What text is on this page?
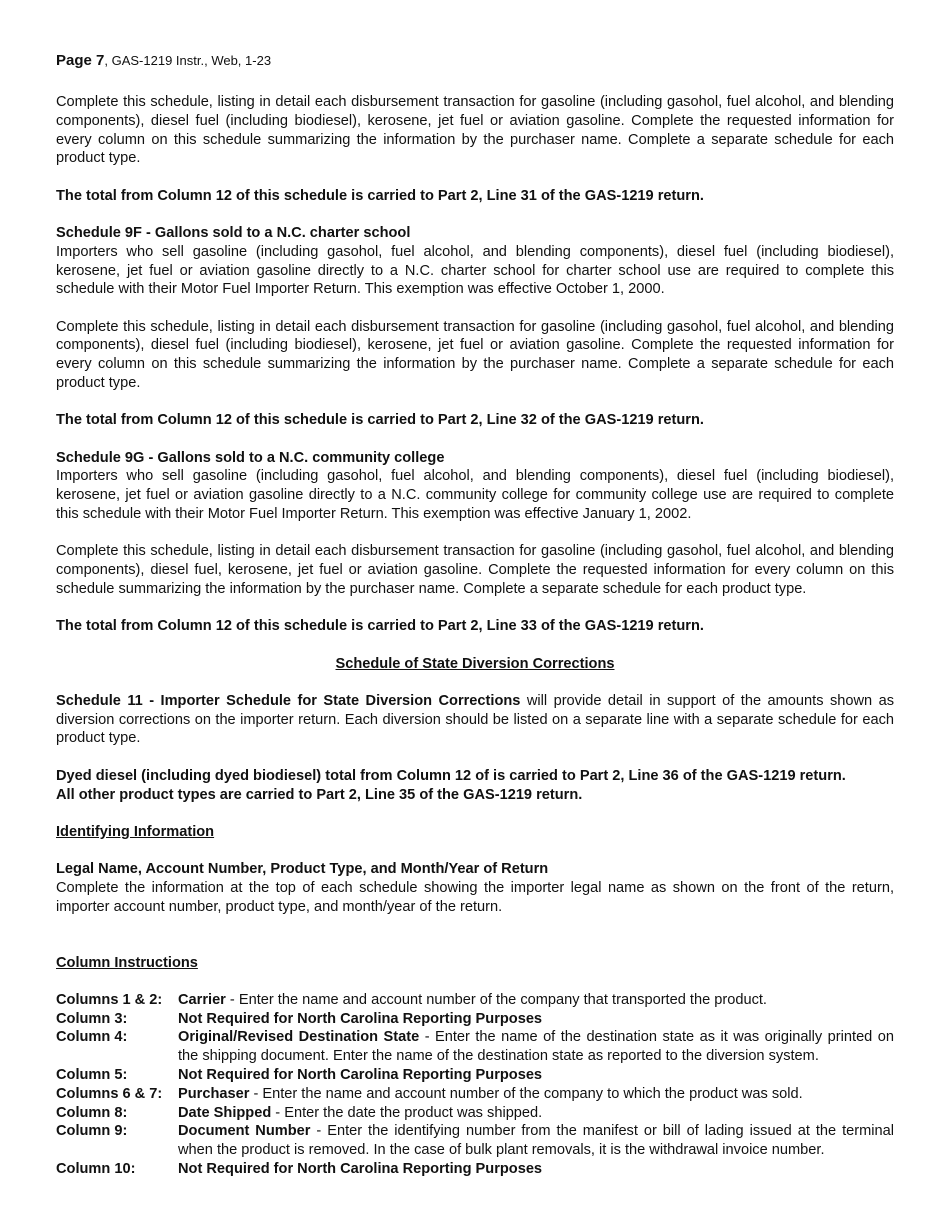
Page 7, GAS-1219 Instr., Web, 1-23

Complete this schedule, listing in detail each disbursement transaction for gasoline (including gasohol, fuel alcohol, and blending components), diesel fuel (including biodiesel), kerosene, jet fuel or aviation gasoline. Complete the requested information for every column on this schedule summarizing the information by the purchaser name. Complete a separate schedule for each product type.

The total from Column 12 of this schedule is carried to Part 2, Line 31 of the GAS-1219 return.

Schedule 9F - Gallons sold to a N.C. charter school

Importers who sell gasoline (including gasohol, fuel alcohol, and blending components), diesel fuel (including biodiesel), kerosene, jet fuel or aviation gasoline directly to a N.C. charter school for charter school use are required to complete this schedule with their Motor Fuel Importer Return. This exemption was effective October 1, 2000.

Complete this schedule, listing in detail each disbursement transaction for gasoline (including gasohol, fuel alcohol, and blending components), diesel fuel (including biodiesel), kerosene, jet fuel or aviation gasoline. Complete the requested information for every column on this schedule summarizing the information by the purchaser name. Complete a separate schedule for each product type.

The total from Column 12 of this schedule is carried to Part 2, Line 32 of the GAS-1219 return.

Schedule 9G - Gallons sold to a N.C. community college

Importers who sell gasoline (including gasohol, fuel alcohol, and blending components), diesel fuel (including biodiesel), kerosene, jet fuel or aviation gasoline directly to a N.C. community college for community college use are required to complete this schedule with their Motor Fuel Importer Return. This exemption was effective January 1, 2002.

Complete this schedule, listing in detail each disbursement transaction for gasoline (including gasohol, fuel alcohol, and blending components), diesel fuel, kerosene, jet fuel or aviation gasoline. Complete the requested information for every column on this schedule summarizing the information by the purchaser name. Complete a separate schedule for each product type.

The total from Column 12 of this schedule is carried to Part 2, Line 33 of the GAS-1219 return.

Schedule of State Diversion Corrections

Schedule 11 - Importer Schedule for State Diversion Corrections will provide detail in support of the amounts shown as diversion corrections on the importer return. Each diversion should be listed on a separate line with a separate schedule for each product type.

Dyed diesel (including dyed biodiesel) total from Column 12 of is carried to Part 2, Line 36 of the GAS-1219 return.

All other product types are carried to Part 2, Line 35 of the GAS-1219 return.

Identifying Information

Legal Name, Account Number, Product Type, and Month/Year of Return

Complete the information at the top of each schedule showing the importer legal name as shown on the front of the return, importer account number, product type, and month/year of the return.

Column Instructions

Columns 1 & 2:	Carrier - Enter the name and account number of the company that transported the product.
Column 3:	Not Required for North Carolina Reporting Purposes
Column 4:	Original/Revised Destination State - Enter the name of the destination state as it was originally printed on the shipping document. Enter the name of the destination state as reported to the diversion system.
Column 5:	Not Required for North Carolina Reporting Purposes
Columns 6 & 7:	Purchaser - Enter the name and account number of the company to which the product was sold.
Column 8:	Date Shipped - Enter the date the product was shipped.
Column 9:	Document Number - Enter the identifying number from the manifest or bill of lading issued at the terminal when the product is removed. In the case of bulk plant removals, it is the withdrawal invoice number.
Column 10:	Not Required for North Carolina Reporting Purposes
